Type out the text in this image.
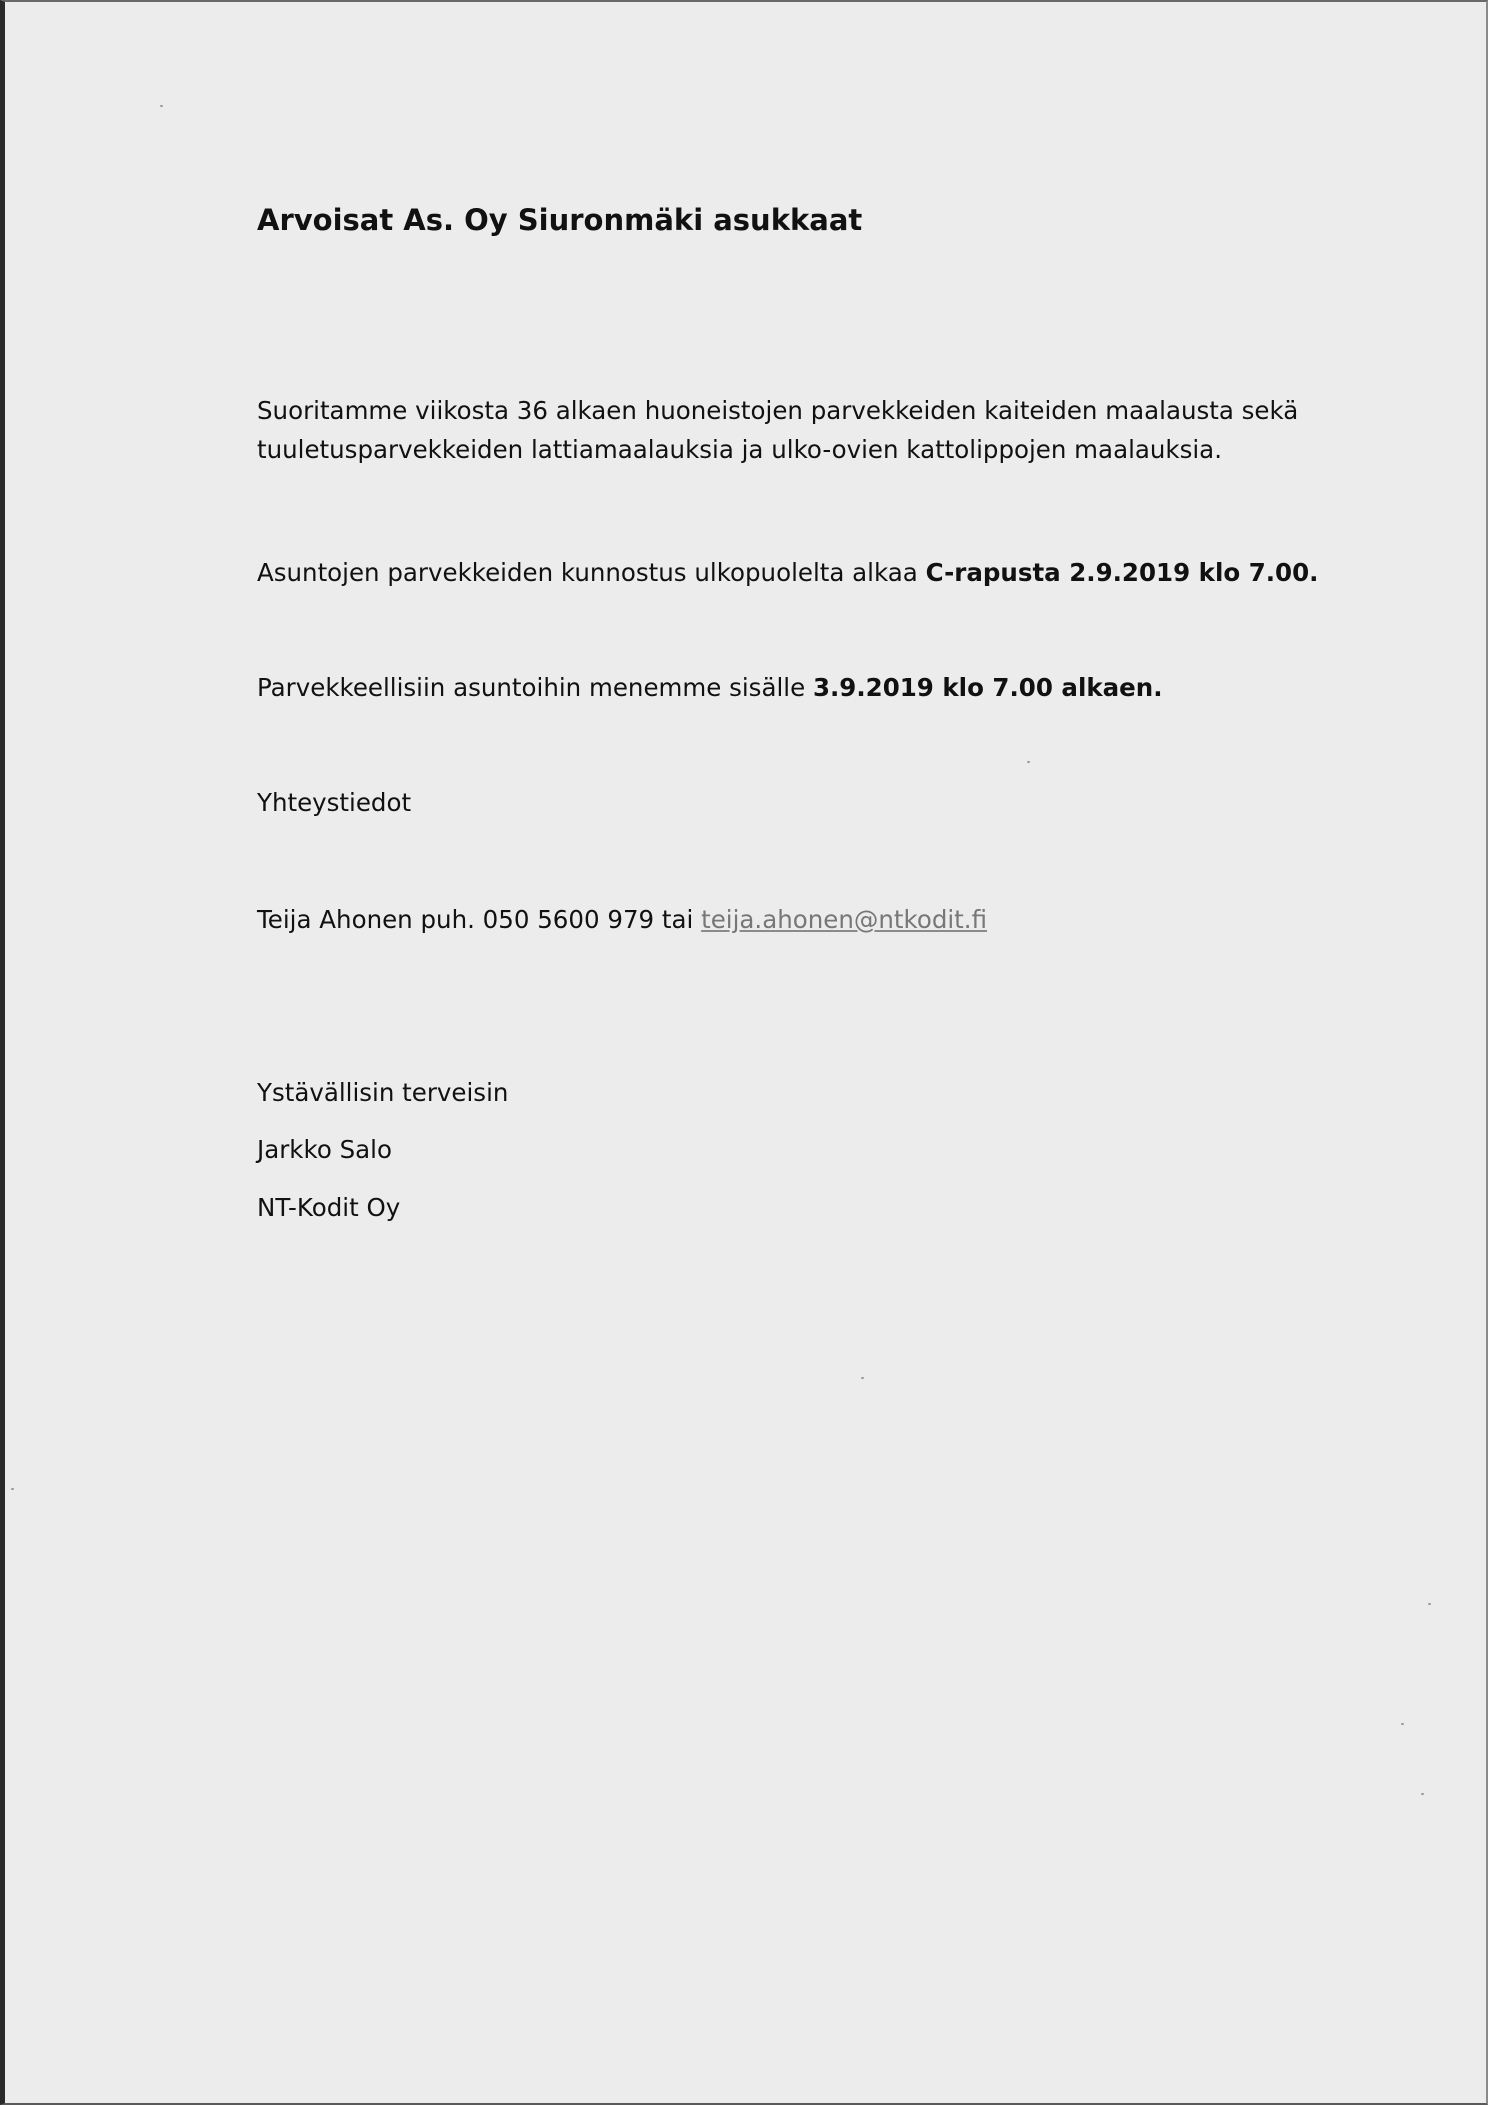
Arvoisat As. Oy Siuronmäki asukkaat

Suoritamme viikosta 36 alkaen huoneistojen parvekkeiden kaiteiden maalausta sekä
tuuletusparvekkeiden lattiamaalauksia ja ulko-ovien kattolippojen maalauksia.

Asuntojen parvekkeiden kunnostus ulkopuolelta alkaa C-rapusta 2.9.2019 klo 7.00.

Parvekkeellisiin asuntoihin menemme sisälle 3.9.2019 klo 7.00 alkaen.

Yhteystiedot

Teija Ahonen puh. 050 5600 979 tai teija.ahonen@ntkodit.fi

Ystävällisin terveisin

Jarkko Salo

NT-Kodit Oy
